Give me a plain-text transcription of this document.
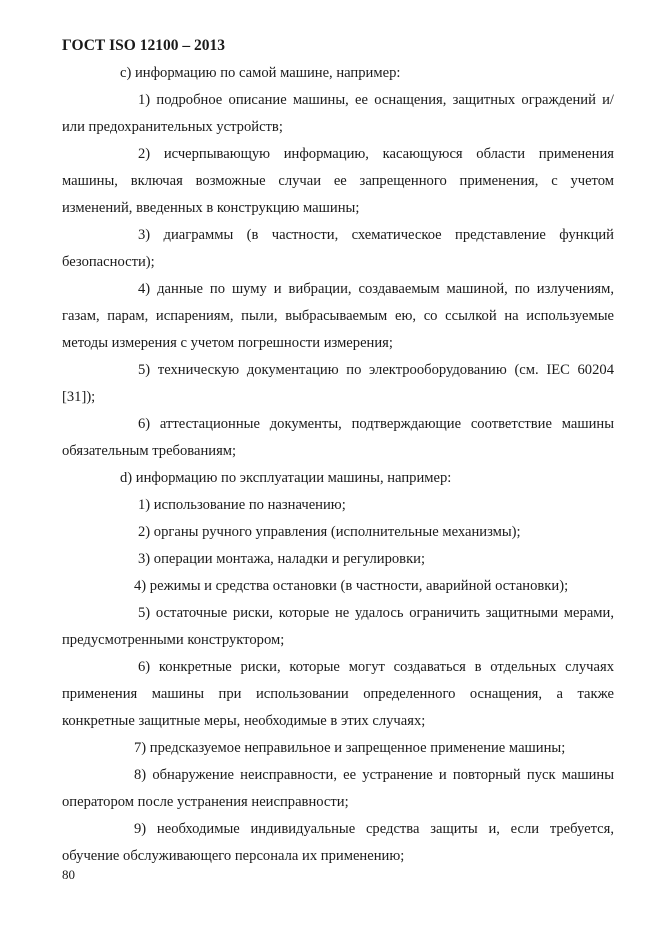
ГОСТ ISO 12100 – 2013

с) информацию по самой машине, например:

1) подробное описание машины, ее оснащения, защитных ограждений и/или предохранительных устройств;

2) исчерпывающую информацию, касающуюся области применения машины, включая возможные случаи ее запрещенного применения, с учетом изменений, введенных в конструкцию машины;

3) диаграммы (в частности, схематическое представление функций безопасности);

4) данные по шуму и вибрации, создаваемым машиной, по излучениям, газам, парам, испарениям, пыли, выбрасываемым ею, со ссылкой на используемые методы измерения с учетом погрешности измерения;

5) техническую документацию по электрооборудованию (см. IEC 60204 [31]);

6) аттестационные документы, подтверждающие соответствие машины обязательным требованиям;

d) информацию по эксплуатации машины, например:

1) использование по назначению;

2) органы ручного управления (исполнительные механизмы);

3) операции монтажа, наладки и регулировки;

4) режимы и средства остановки (в частности, аварийной остановки);

5) остаточные риски, которые не удалось ограничить защитными мерами, предусмотренными конструктором;

6) конкретные риски, которые могут создаваться в отдельных случаях применения машины при использовании определенного оснащения, а также конкретные защитные меры, необходимые в этих случаях;

7) предсказуемое неправильное и запрещенное применение машины;

8) обнаружение неисправности, ее устранение и повторный пуск машины оператором после устранения неисправности;

9) необходимые индивидуальные средства защиты и, если требуется, обучение обслуживающего персонала их применению;

80
